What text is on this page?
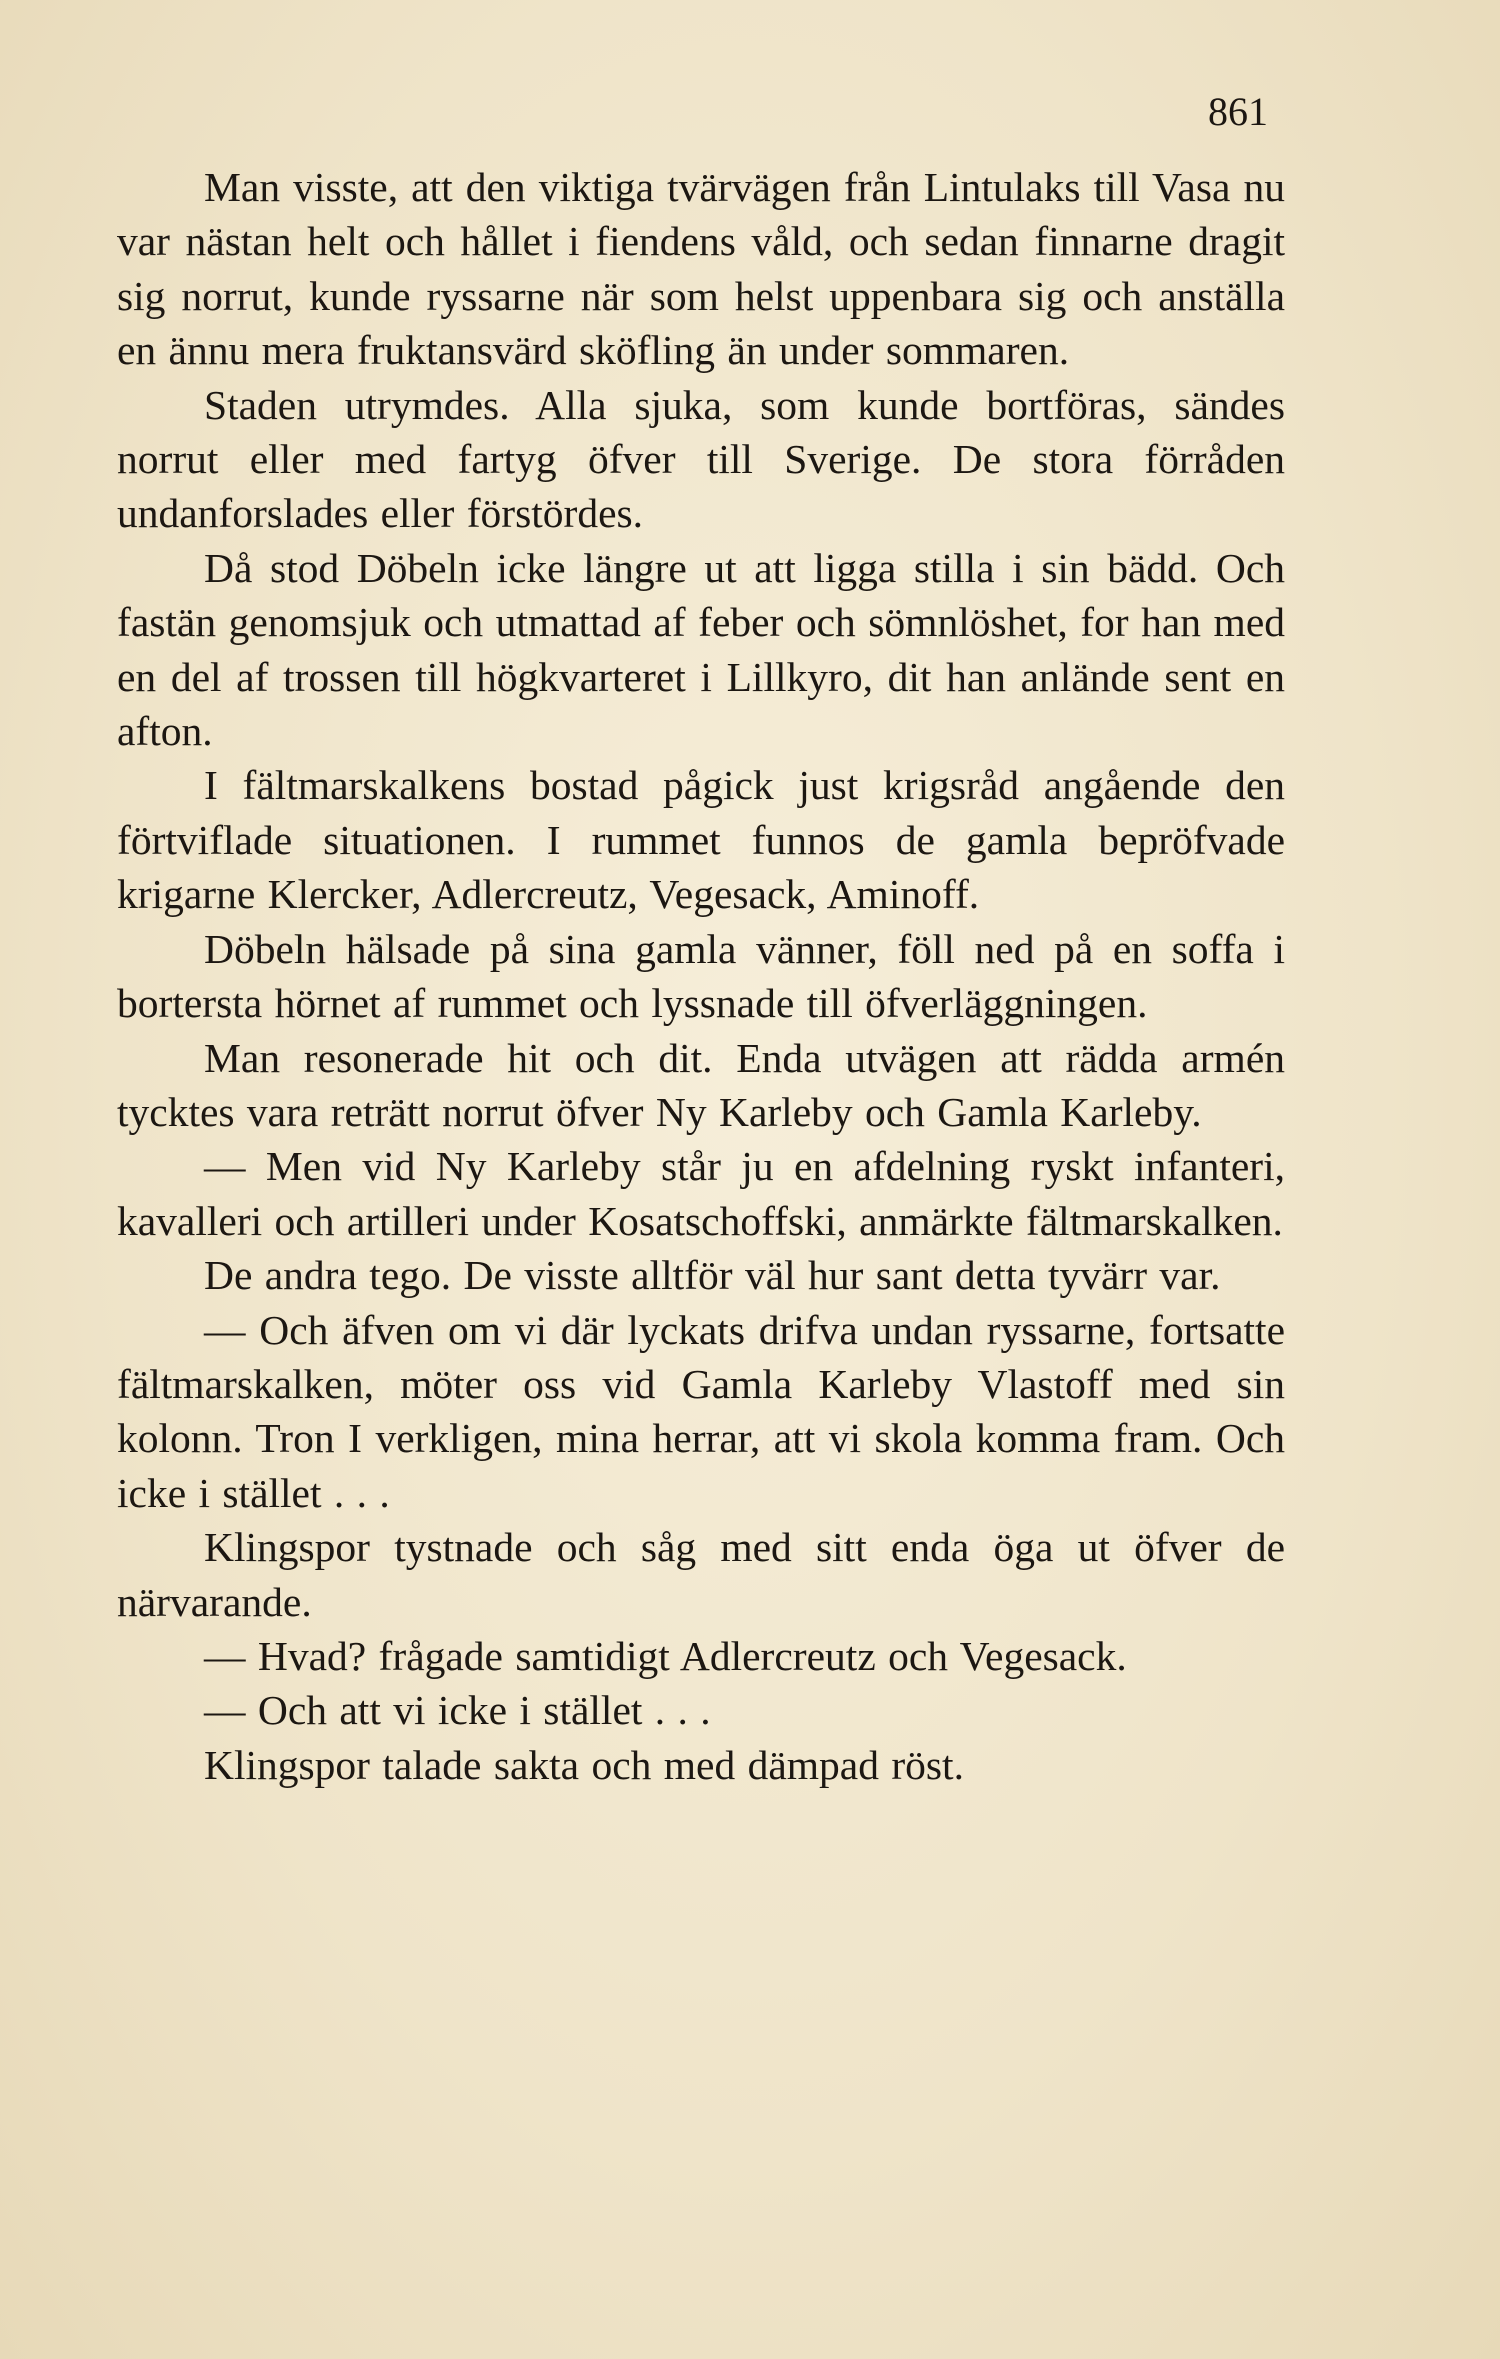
861

Man visste, att den viktiga tvärvägen från Lintulaks till Vasa nu var nästan helt och hållet i fiendens våld, och sedan finnarne dragit sig norrut, kunde ryssarne när som helst uppenbara sig och anställa en ännu mera fruktansvärd sköfling än under sommaren.

Staden utrymdes. Alla sjuka, som kunde bortföras, sändes norrut eller med fartyg öfver till Sverige. De stora förråden undanforslades eller förstördes.

Då stod Döbeln icke längre ut att ligga stilla i sin bädd. Och fastän genomsjuk och utmattad af feber och sömnlöshet, for han med en del af trossen till högkvarteret i Lillkyro, dit han anlände sent en afton.

I fältmarskalkens bostad pågick just krigsråd angående den förtviflade situationen. I rummet funnos de gamla bepröfvade krigarne Klercker, Adlercreutz, Vegesack, Aminoff.

Döbeln hälsade på sina gamla vänner, föll ned på en soffa i bortersta hörnet af rummet och lyssnade till öfverläggningen.

Man resonerade hit och dit. Enda utvägen att rädda armén tycktes vara reträtt norrut öfver Ny Karleby och Gamla Karleby.

— Men vid Ny Karleby står ju en afdelning ryskt infanteri, kavalleri och artilleri under Kosatschoffski, anmärkte fältmarskalken.

De andra tego. De visste alltför väl hur sant detta tyvärr var.

— Och äfven om vi där lyckats drifva undan ryssarne, fortsatte fältmarskalken, möter oss vid Gamla Karleby Vlastoff med sin kolonn. Tron I verkligen, mina herrar, att vi skola komma fram. Och icke i stället . . .

Klingspor tystnade och såg med sitt enda öga ut öfver de närvarande.

— Hvad? frågade samtidigt Adlercreutz och Vegesack.

— Och att vi icke i stället . . .

Klingspor talade sakta och med dämpad röst.
